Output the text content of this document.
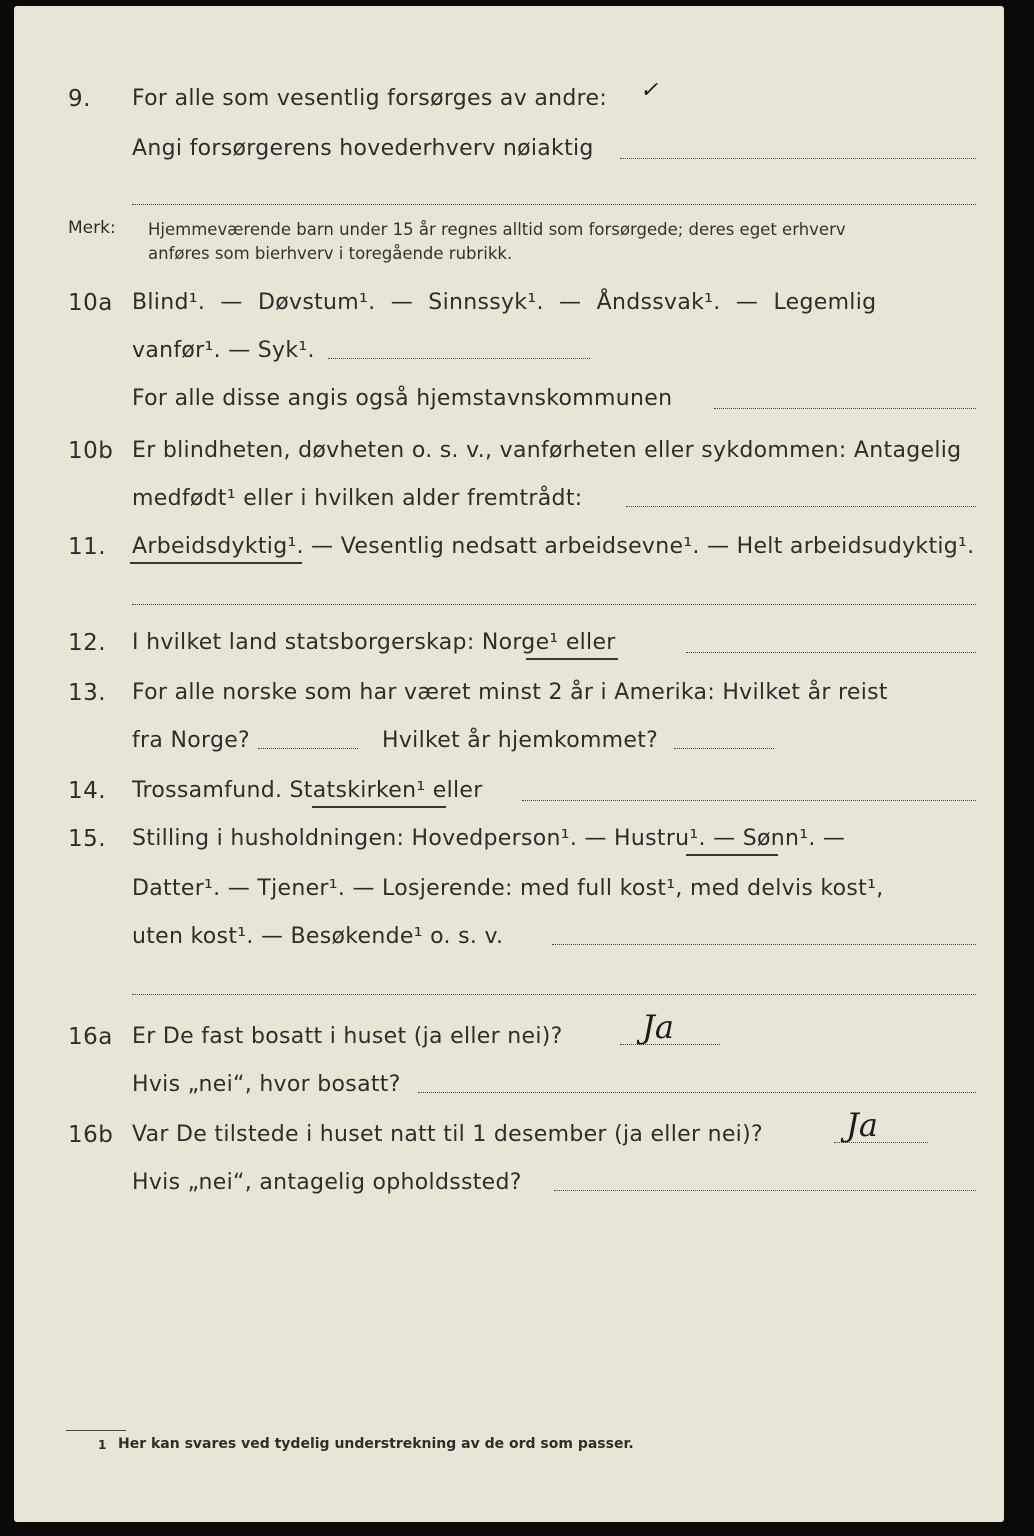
9. For alle som vesentlig forsørges av andre: ✓
Angi forsørgerens hovederhverv nøiaktig
Merk: Hjemmeværende barn under 15 år regnes alltid som forsørgede; deres eget erhverv
anføres som bierhverv i toregående rubrikk.
10a Blind¹. — Døvstum¹. — Sinnssyk¹. — Åndssvak¹. — Legemlig
vanfør¹. — Syk¹.
For alle disse angis også hjemstavnskommunen
10b Er blindheten, døvheten o. s. v., vanførheten eller sykdommen: Antagelig
medfødt¹ eller i hvilken alder fremtrådt:
11. Arbeidsdyktig¹. — Vesentlig nedsatt arbeidsevne¹. — Helt arbeidsudyktig¹.
12. I hvilket land statsborgerskap: Norge¹ eller
13. For alle norske som har været minst 2 år i Amerika: Hvilket år reist
fra Norge?	Hvilket år hjemkommet?
14. Trossamfund. Statskirken¹ eller
15. Stilling i husholdningen: Hovedperson¹. — Hustru¹. — Sønn¹. —
Datter¹. — Tjener¹. — Losjerende: med full kost¹, med delvis kost¹,
uten kost¹. — Besøkende¹ o. s. v.
16a Er De fast bosatt i huset (ja eller nei)? Ja
Hvis „nei“, hvor bosatt?
16b Var De tilstede i huset natt til 1 desember (ja eller nei)?	Ja
Hvis „nei“, antagelig opholdssted?
1 Her kan svares ved tydelig understrekning av de ord som passer.
